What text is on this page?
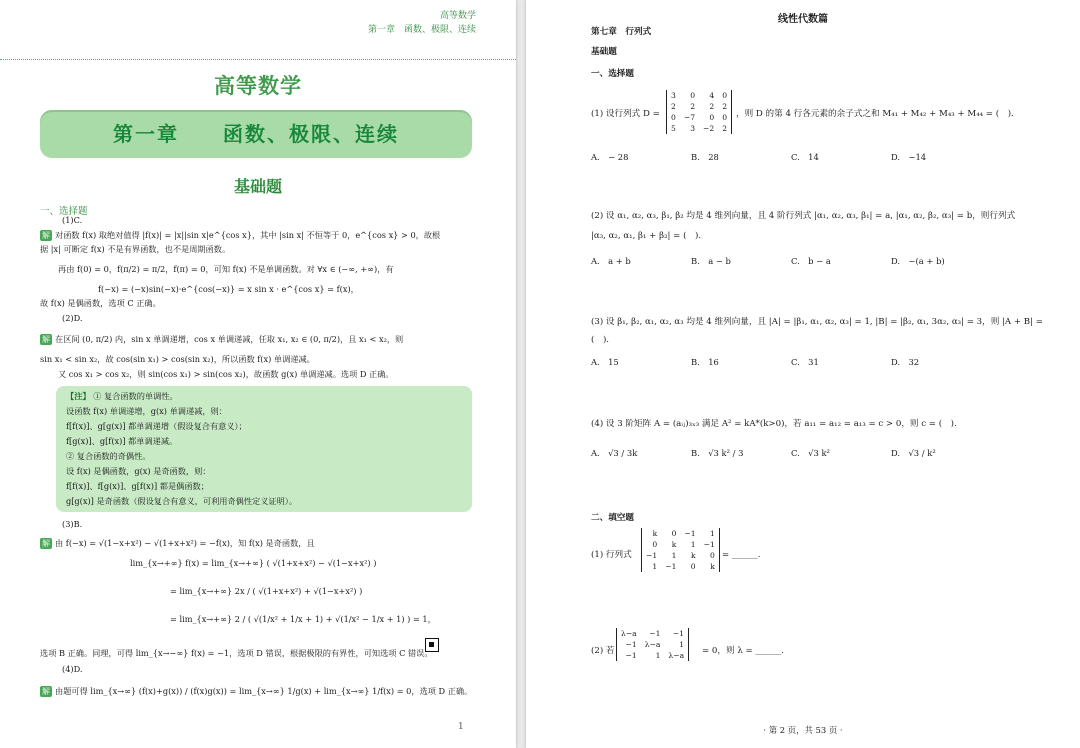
高等数学
第一章　函数、极限、连续
高等数学
第一章　　函数、极限、连续
基础题
一、选择题
(1)C.
解 对函数 f(x) 取绝对值得 |f(x)| = |x||sin x|e^{cos x}，其中 |sin x| 不恒等于 0，e^{cos x} > 0，故根
据 |x| 可断定 f(x) 不是有界函数，也不是周期函数。
再由 f(0) = 0，f(π/2) = π/2，f(π) = 0，可知 f(x) 不是单调函数。对 ∀x ∈ (−∞, +∞)，有
f(−x) = (−x)sin(−x)·e^{cos(−x)} = x sin x · e^{cos x} = f(x)，
故 f(x) 是偶函数，选项 C 正确。
(2)D.
解 在区间 (0, π/2) 内，sin x 单调递增，cos x 单调递减，任取 x₁, x₂ ∈ (0, π/2)，且 x₁ < x₂，则
sin x₁ < sin x₂，故 cos(sin x₁) > cos(sin x₂)，所以函数 f(x) 单调递减。
又 cos x₁ > cos x₂，则 sin(cos x₁) > sin(cos x₂)，故函数 g(x) 单调递减。选项 D 正确。
【注】 ① 复合函数的单调性。
设函数 f(x) 单调递增，g(x) 单调递减，则：
f[f(x)]、g[g(x)] 都单调递增（假设复合有意义）；
f[g(x)]、g[f(x)] 都单调递减。
② 复合函数的奇偶性。
设 f(x) 是偶函数，g(x) 是奇函数，则：
f[f(x)]、f[g(x)]、g[f(x)] 都是偶函数；
g[g(x)] 是奇函数（假设复合有意义，可利用奇偶性定义证明）。
(3)B.
解 由 f(−x) = √(1−x+x²) − √(1+x+x²) = −f(x)，知 f(x) 是奇函数，且
lim_{x→+∞} f(x) = lim_{x→+∞} ( √(1+x+x²) − √(1−x+x²) )
= lim_{x→+∞} 2x / ( √(1+x+x²) + √(1−x+x²) )
= lim_{x→+∞} 2 / ( √(1/x² + 1/x + 1) + √(1/x² − 1/x + 1) ) = 1，
选项 B 正确。同理，可得 lim_{x→−∞} f(x) = −1，选项 D 错误，根据极限的有界性，可知选项 C 错误。
(4)D.
解 由题可得 lim_{x→∞} (f(x)+g(x)) / (f(x)g(x)) = lim_{x→∞} 1/g(x) + lim_{x→∞} 1/f(x) = 0，选项 D 正确。
1
线性代数篇
第七章　行列式
基础题
一、选择题
(1) 设行列式 D =
3	0	4	0
2	2	2	2
0	−7	0	0
5	3	−2	2
，则 D 的第 4 行各元素的余子式之和 M₄₁ + M₄₂ + M₄₃ + M₄₄ = (　).
A.　− 28	B.　28	C.　14	D.　−14
(2) 设 α₁, α₂, α₃, β₁, β₂ 均是 4 维列向量，且 4 阶行列式 |α₁, α₂, α₃, β₁| = a, |α₁, α₂, β₂, α₃| = b，则行列式
|α₃, α₂, α₁, β₁ + β₂| = (　).
A.　a + b	B.　a − b	C.　b − a	D.　−(a + b)
(3) 设 β₁, β₂, α₁, α₂, α₃ 均是 4 维列向量，且 |A| = |β₁, α₁, α₂, α₃| = 1, |B| = |β₂, α₁, 3α₂, α₃| = 3，则 |A + B| =
(　).
A.　15	B.　16	C.　31	D.　32
(4) 设 3 阶矩阵 A = (aᵢⱼ)₃ₓ₃ 满足 A² = kA*(k>0)，若 a₁₁ = a₁₂ = a₁₃ = c > 0，则 c = (　).
A.　√3 / 3k	B.　√3 k² / 3	C.　√3 k²	D.　√3 / k²
二、填空题
(1) 行列式
k	0	−1	1
0	k	1	−1
−1	1	k	0
1	−1	0	k
= ______.
(2) 若
λ−a	−1	−1
−1	λ−a	1
−1	1	λ−a = 0，则 λ = ______.
· 第 2 页，共 53 页 ·
